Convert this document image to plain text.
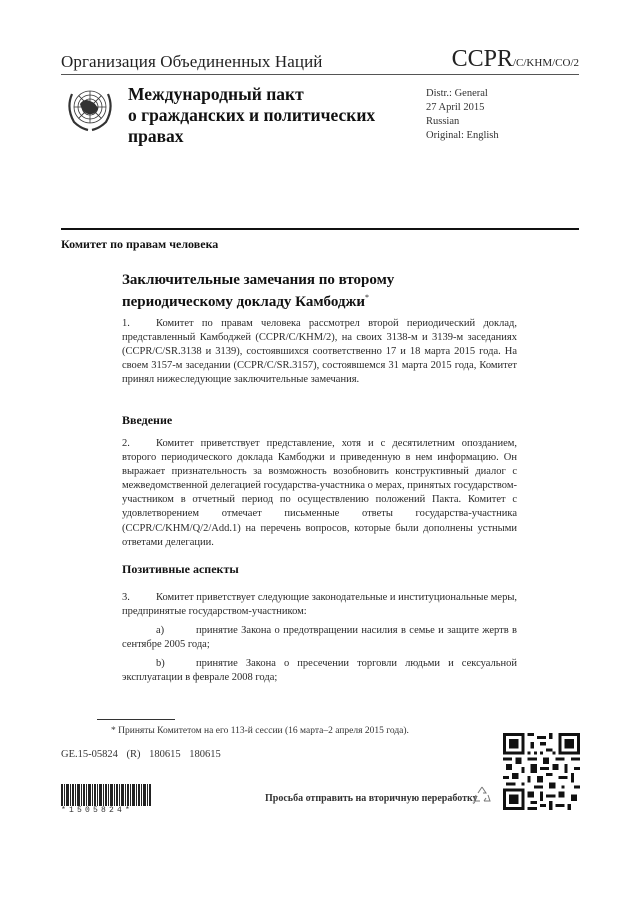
Организация Объединенных Наций	CCPR/C/KHM/CO/2
Международный пакт
о гражданских и политических
правах
Distr.: General
27 April 2015
Russian
Original: English
Комитет по правам человека
Заключительные замечания по второму
периодическому докладу Камбоджи*
1. Комитет по правам человека рассмотрел второй периодический доклад, представленный Камбоджей (CCPR/C/KHM/2), на своих 3138-м и 3139-м заседаниях (CCPR/C/SR.3138 и 3139), состоявшихся соответственно 17 и 18 марта 2015 года. На своем 3157-м заседании (CCPR/C/SR.3157), состоявшемся 31 марта 2015 года, Комитет принял нижеследующие заключительные замечания.
Введение
2. Комитет приветствует представление, хотя и с десятилетним опозданием, второго периодического доклада Камбоджи и приведенную в нем информацию. Он выражает признательность за возможность возобновить конструктивный диалог с межведомственной делегацией государства-участника о мерах, принятых государством-участником в отчетный период по осуществлению положений Пакта. Комитет с удовлетворением отмечает письменные ответы государства-участника (CCPR/C/KHM/Q/2/Add.1) на перечень вопросов, которые были дополнены устными ответами делегации.
Позитивные аспекты
3. Комитет приветствует следующие законодательные и институциональные меры, предпринятые государством-участником:
a)	принятие Закона о предотвращении насилия в семье и защите жертв в сентябре 2005 года;
b)	принятие Закона о пресечении торговли людьми и сексуальной эксплуатации в феврале 2008 года;
* Приняты Комитетом на его 113-й сессии (16 марта–2 апреля 2015 года).
GE.15-05824 (R) 180615 180615
*1505824*
Просьба отправить на вторичную переработку
